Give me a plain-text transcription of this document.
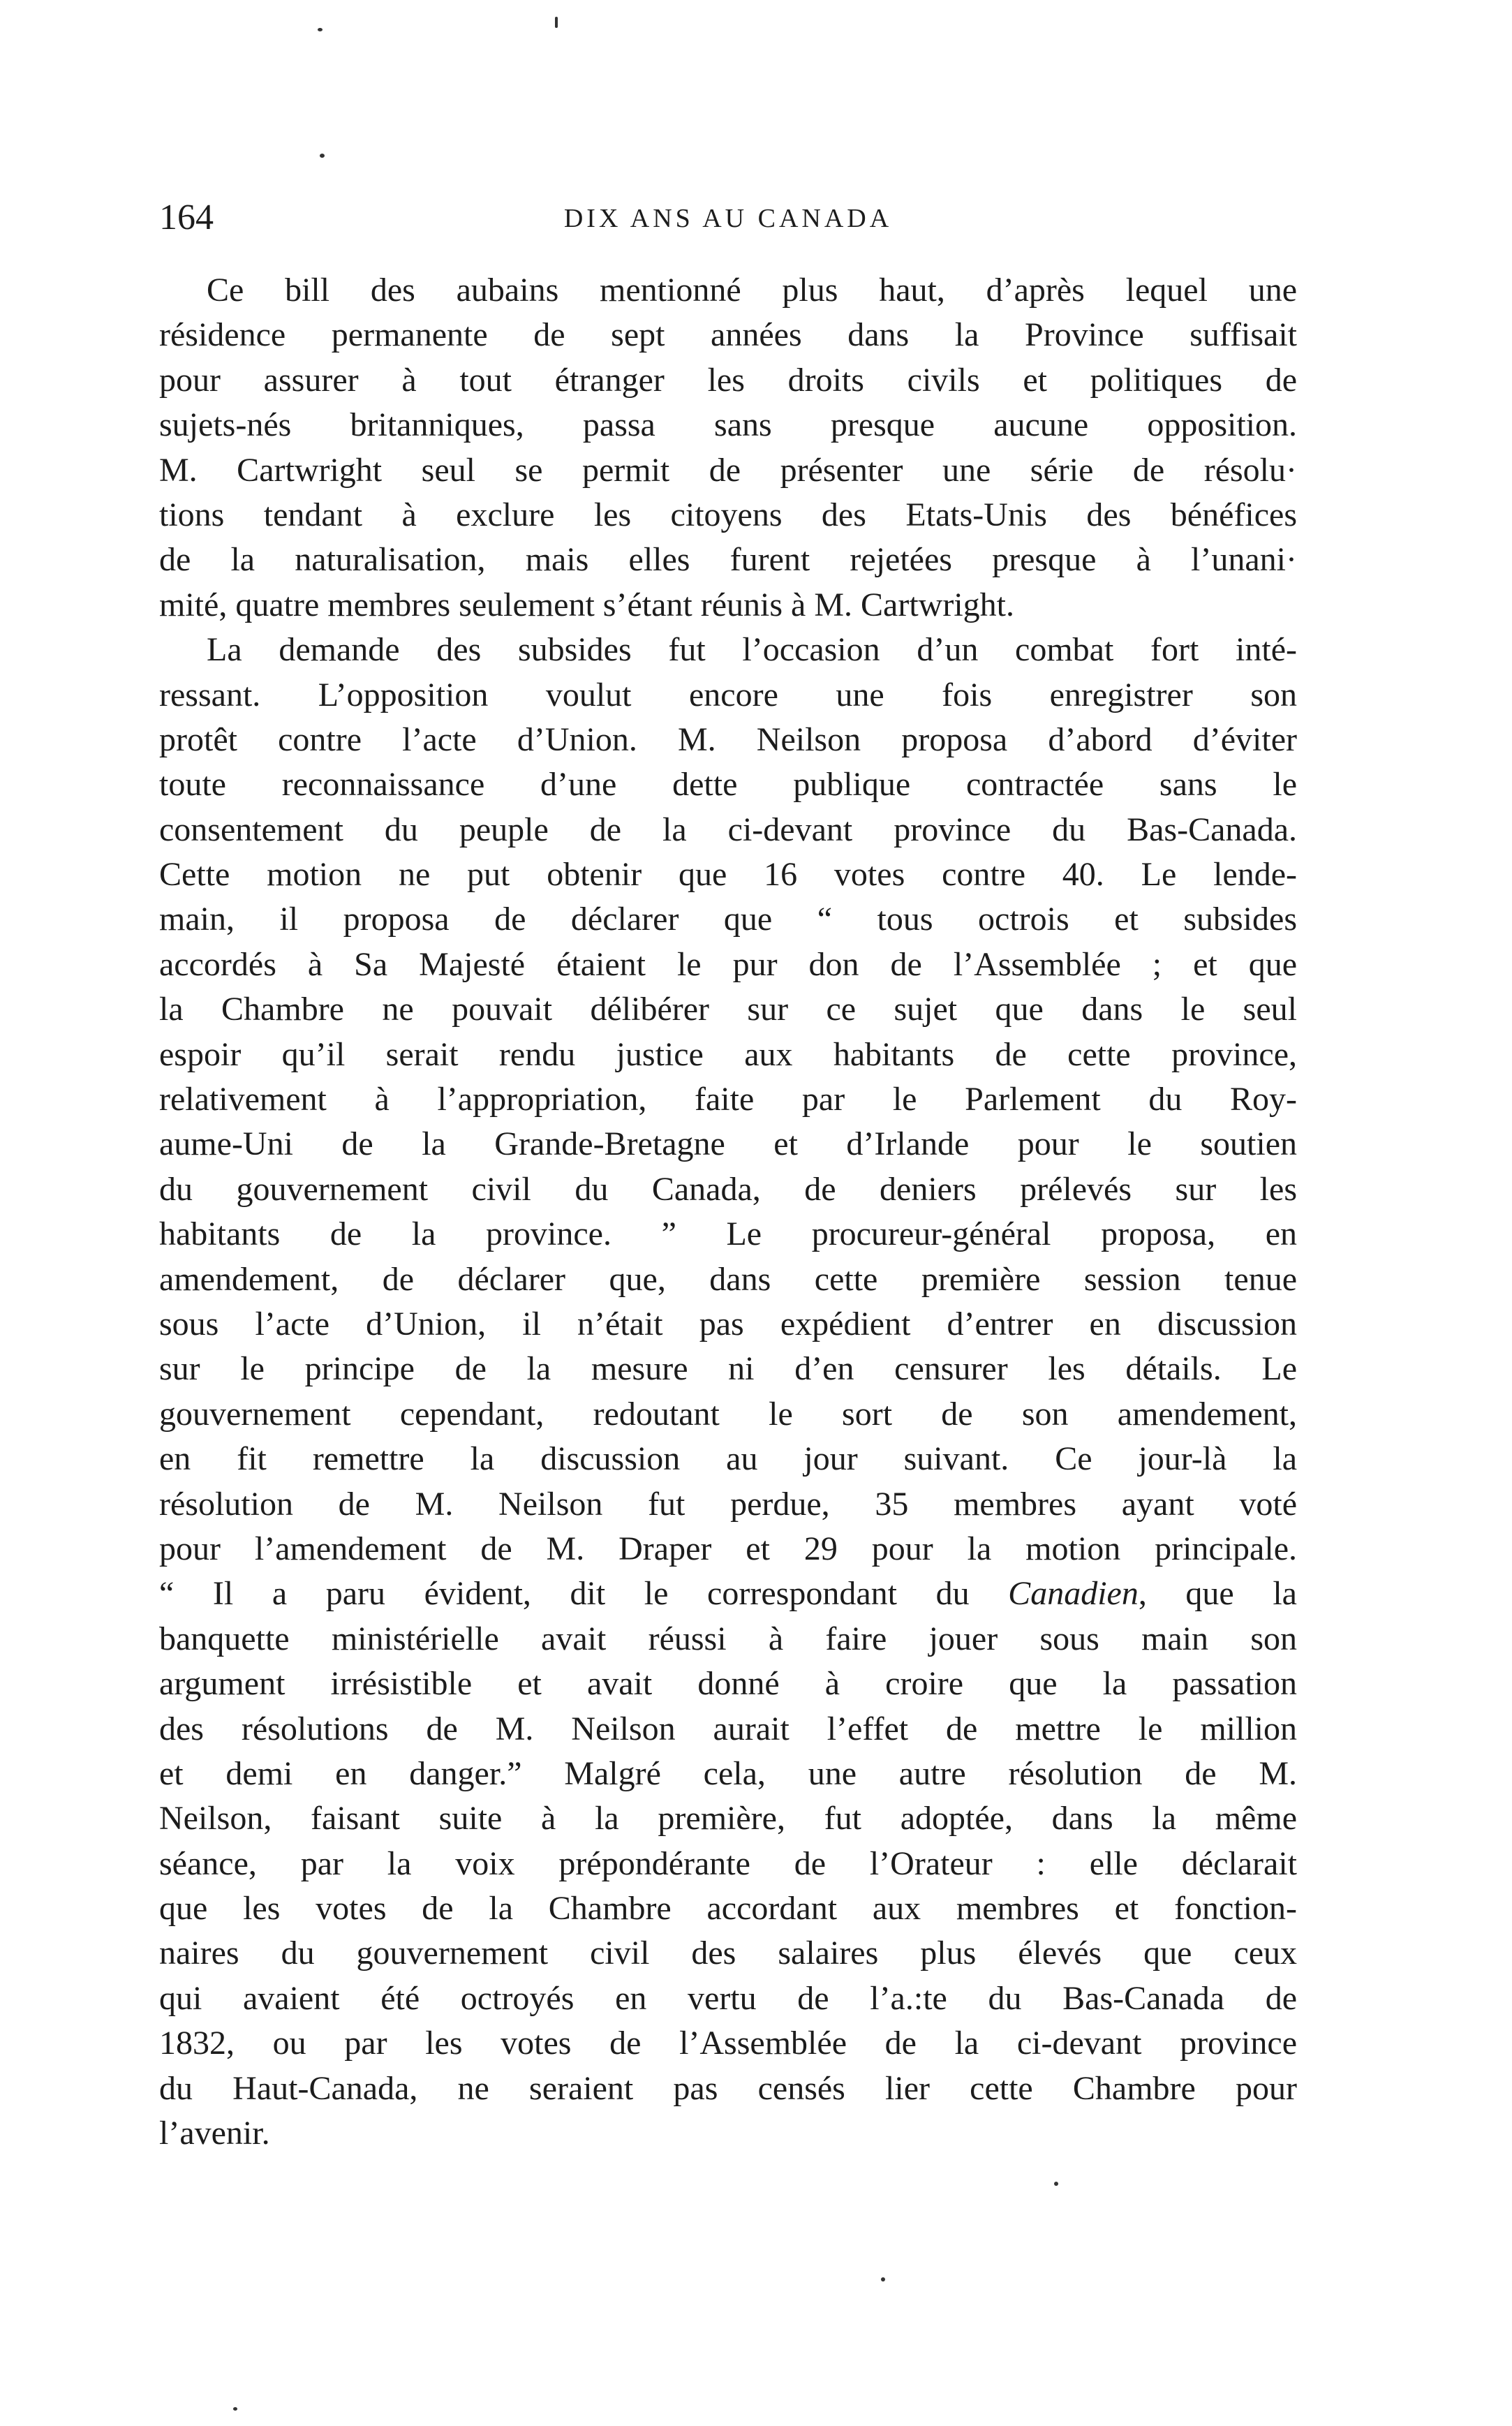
164	DIX ANS AU CANADA
Ce bill des aubains mentionné plus haut, d’après lequel une
résidence permanente de sept années dans la Province suffisait
pour assurer à tout étranger les droits civils et politiques de
sujets-nés britanniques, passa sans presque aucune opposition.
M. Cartwright seul se permit de présenter une série de résolu·
tions tendant à exclure les citoyens des Etats-Unis des bénéfices
de la naturalisation, mais elles furent rejetées presque à l’unani·
mité, quatre membres seulement s’étant réunis à M. Cartwright.
La demande des subsides fut l’occasion d’un combat fort inté-
ressant. L’opposition voulut encore une fois enregistrer son
protêt contre l’acte d’Union. M. Neilson proposa d’abord d’éviter
toute reconnaissance d’une dette publique contractée sans le
consentement du peuple de la ci-devant province du Bas-Canada.
Cette motion ne put obtenir que 16 votes contre 40. Le lende-
main, il proposa de déclarer que “ tous octrois et subsides
accordés à Sa Majesté étaient le pur don de l’Assemblée ; et que
la Chambre ne pouvait délibérer sur ce sujet que dans le seul
espoir qu’il serait rendu justice aux habitants de cette province,
relativement à l’appropriation, faite par le Parlement du Roy-
aume-Uni de la Grande-Bretagne et d’Irlande pour le soutien
du gouvernement civil du Canada, de deniers prélevés sur les
habitants de la province. ” Le procureur-général proposa, en
amendement, de déclarer que, dans cette première session tenue
sous l’acte d’Union, il n’était pas expédient d’entrer en discussion
sur le principe de la mesure ni d’en censurer les détails. Le
gouvernement cependant, redoutant le sort de son amendement,
en fit remettre la discussion au jour suivant. Ce jour-là la
résolution de M. Neilson fut perdue, 35 membres ayant voté
pour l’amendement de M. Draper et 29 pour la motion principale.
“ Il a paru évident, dit le correspondant du Canadien, que la
banquette ministérielle avait réussi à faire jouer sous main son
argument irrésistible et avait donné à croire que la passation
des résolutions de M. Neilson aurait l’effet de mettre le million
et demi en danger.” Malgré cela, une autre résolution de M.
Neilson, faisant suite à la première, fut adoptée, dans la même
séance, par la voix prépondérante de l’Orateur : elle déclarait
que les votes de la Chambre accordant aux membres et fonction-
naires du gouvernement civil des salaires plus élevés que ceux
qui avaient été octroyés en vertu de l’a.:te du Bas-Canada de
1832, ou par les votes de l’Assemblée de la ci-devant province
du Haut-Canada, ne seraient pas censés lier cette Chambre pour
l’avenir.
